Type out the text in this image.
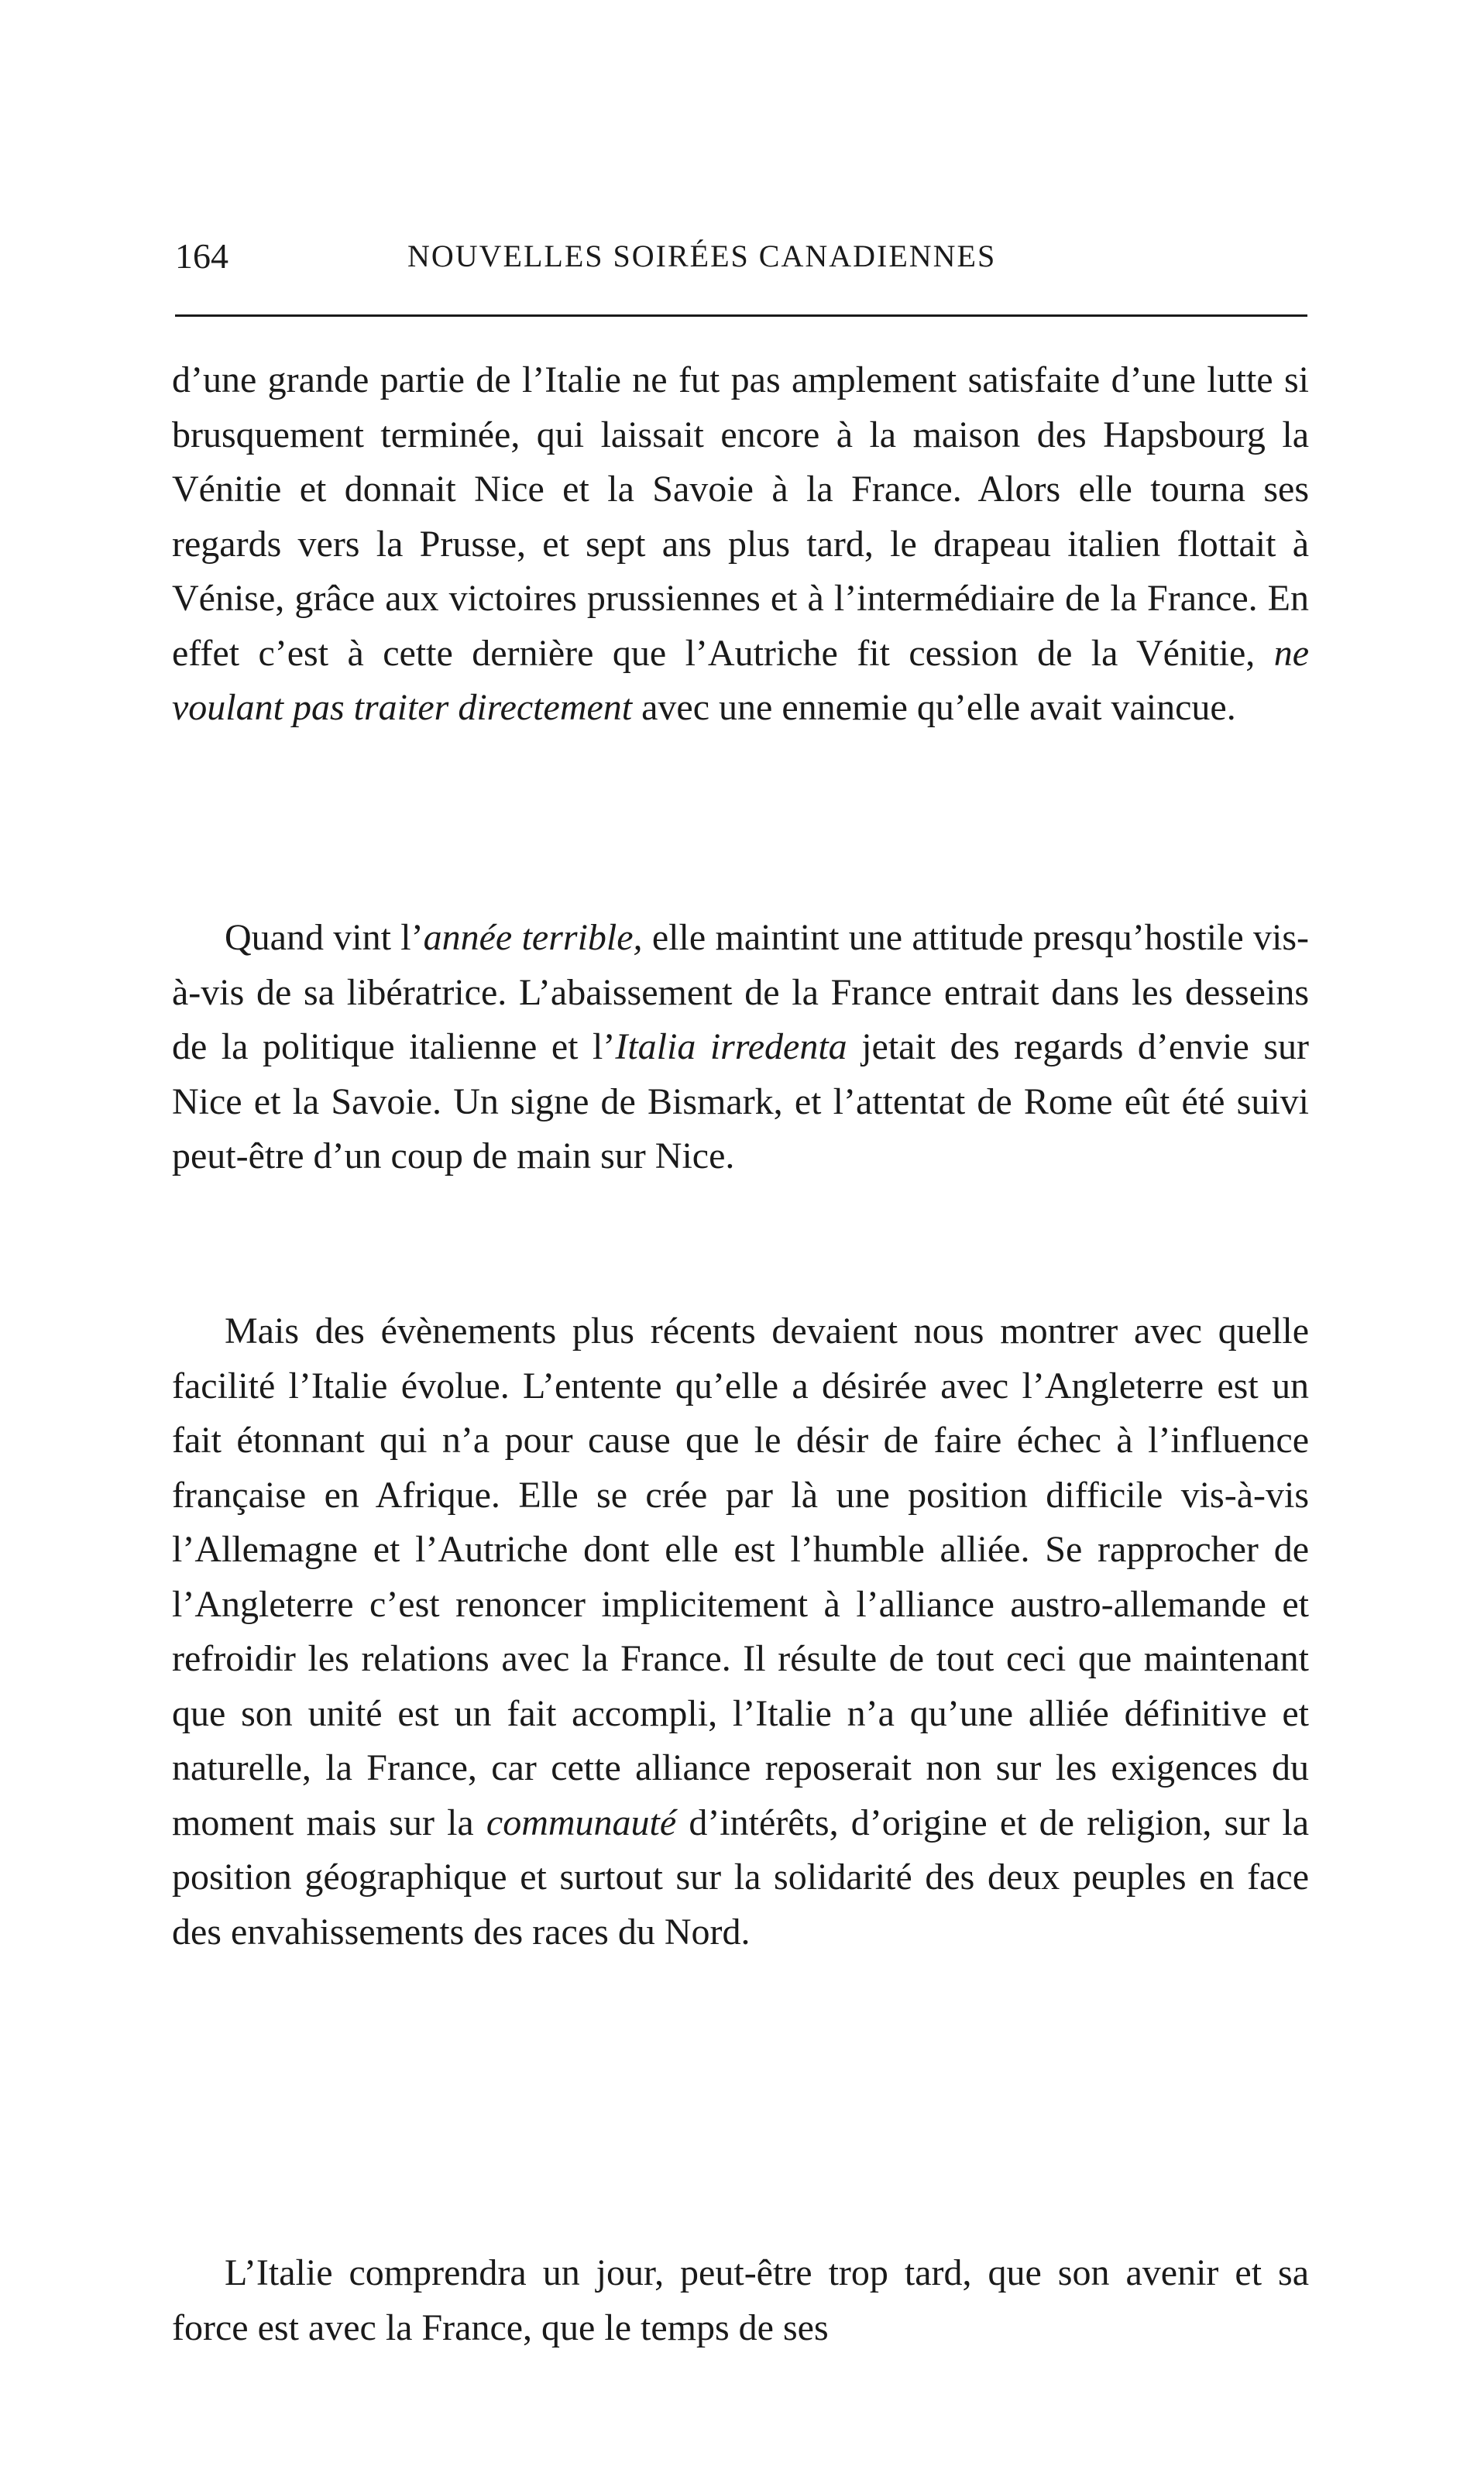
164	NOUVELLES SOIRÉES CANADIENNES

d’une grande partie de l’Italie ne fut pas amplement satisfaite d’une lutte si brusquement terminée, qui laissait encore à la maison des Hapsbourg la Vénitie et donnait Nice et la Savoie à la France. Alors elle tourna ses regards vers la Prusse, et sept ans plus tard, le drapeau italien flottait à Vénise, grâce aux victoires prussiennes et à l’intermédiaire de la France. En effet c’est à cette dernière que l’Autriche fit cession de la Vénitie, ne voulant pas traiter directement avec une ennemie qu’elle avait vaincue.

Quand vint l’année terrible, elle maintint une attitude presqu’hostile vis-à-vis de sa libératrice. L’abaissement de la France entrait dans les desseins de la politique italienne et l’Italia irredenta jetait des regards d’envie sur Nice et la Savoie. Un signe de Bismark, et l’attentat de Rome eût été suivi peut-être d’un coup de main sur Nice.

Mais des évènements plus récents devaient nous montrer avec quelle facilité l’Italie évolue. L’entente qu’elle a désirée avec l’Angleterre est un fait étonnant qui n’a pour cause que le désir de faire échec à l’influence française en Afrique. Elle se crée par là une position difficile vis-à-vis l’Allemagne et l’Autriche dont elle est l’humble alliée. Se rapprocher de l’Angleterre c’est renoncer implicitement à l’alliance austro-allemande et refroidir les relations avec la France. Il résulte de tout ceci que maintenant que son unité est un fait accompli, l’Italie n’a qu’une alliée définitive et naturelle, la France, car cette alliance reposerait non sur les exigences du moment mais sur la communauté d’intérêts, d’origine et de religion, sur la position géographique et surtout sur la solidarité des deux peuples en face des envahissements des races du Nord.

L’Italie comprendra un jour, peut-être trop tard, que son avenir et sa force est avec la France, que le temps de ses
